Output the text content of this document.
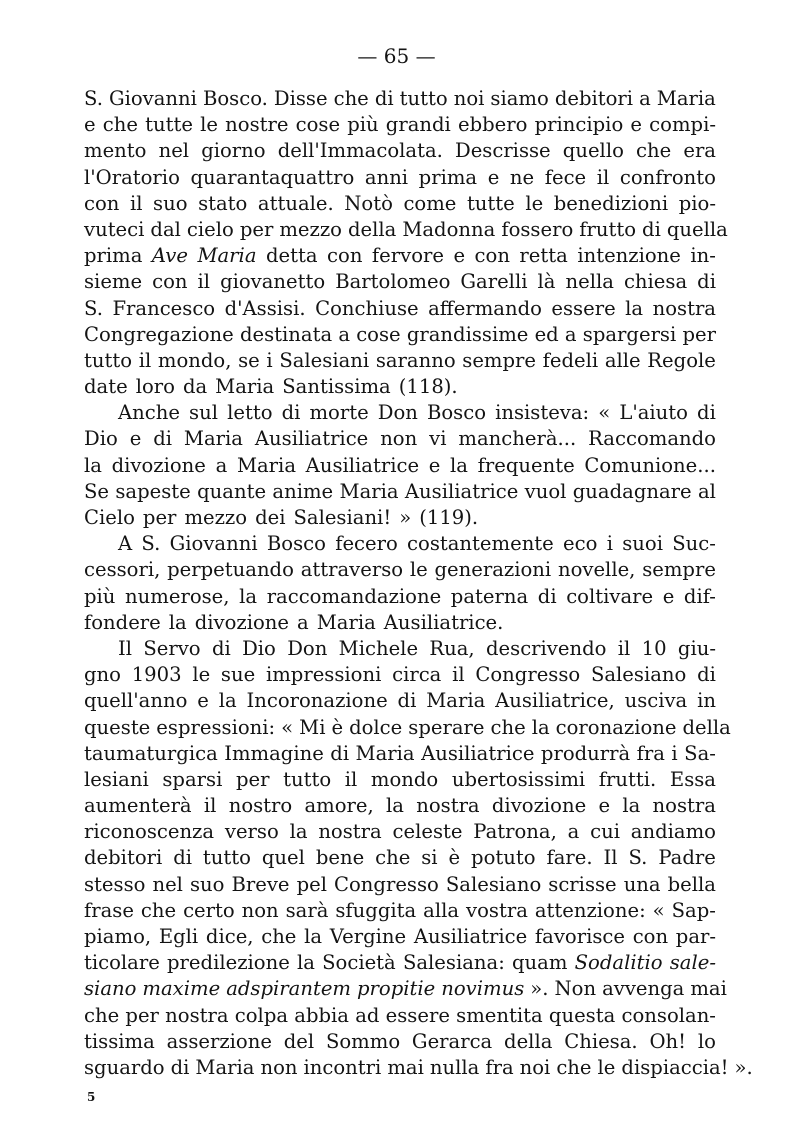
— 65 —
S. Giovanni Bosco. Disse che di tutto noi siamo debitori a Maria
e che tutte le nostre cose più grandi ebbero principio e compi-
mento nel giorno dell'Immacolata. Descrisse quello che era
l'Oratorio quarantaquattro anni prima e ne fece il confronto
con il suo stato attuale. Notò come tutte le benedizioni pio-
vuteci dal cielo per mezzo della Madonna fossero frutto di quella
prima Ave Maria detta con fervore e con retta intenzione in-
sieme con il giovanetto Bartolomeo Garelli là nella chiesa di
S. Francesco d'Assisi. Conchiuse affermando essere la nostra
Congregazione destinata a cose grandissime ed a spargersi per
tutto il mondo, se i Salesiani saranno sempre fedeli alle Regole
date loro da Maria Santissima (118).
Anche sul letto di morte Don Bosco insisteva: « L'aiuto di
Dio e di Maria Ausiliatrice non vi mancherà... Raccomando
la divozione a Maria Ausiliatrice e la frequente Comunione...
Se sapeste quante anime Maria Ausiliatrice vuol guadagnare al
Cielo per mezzo dei Salesiani! » (119).
A S. Giovanni Bosco fecero costantemente eco i suoi Suc-
cessori, perpetuando attraverso le generazioni novelle, sempre
più numerose, la raccomandazione paterna di coltivare e dif-
fondere la divozione a Maria Ausiliatrice.
Il Servo di Dio Don Michele Rua, descrivendo il 10 giu-
gno 1903 le sue impressioni circa il Congresso Salesiano di
quell'anno e la Incoronazione di Maria Ausiliatrice, usciva in
queste espressioni: « Mi è dolce sperare che la coronazione della
taumaturgica Immagine di Maria Ausiliatrice produrrà fra i Sa-
lesiani sparsi per tutto il mondo ubertosissimi frutti. Essa
aumenterà il nostro amore, la nostra divozione e la nostra
riconoscenza verso la nostra celeste Patrona, a cui andiamo
debitori di tutto quel bene che si è potuto fare. Il S. Padre
stesso nel suo Breve pel Congresso Salesiano scrisse una bella
frase che certo non sarà sfuggita alla vostra attenzione: « Sap-
piamo, Egli dice, che la Vergine Ausiliatrice favorisce con par-
ticolare predilezione la Società Salesiana: quam Sodalitio sale-
siano maxime adspirantem propitie novimus ». Non avvenga mai
che per nostra colpa abbia ad essere smentita questa consolan-
tissima asserzione del Sommo Gerarca della Chiesa. Oh! lo
sguardo di Maria non incontri mai nulla fra noi che le dispiaccia! ».
5
